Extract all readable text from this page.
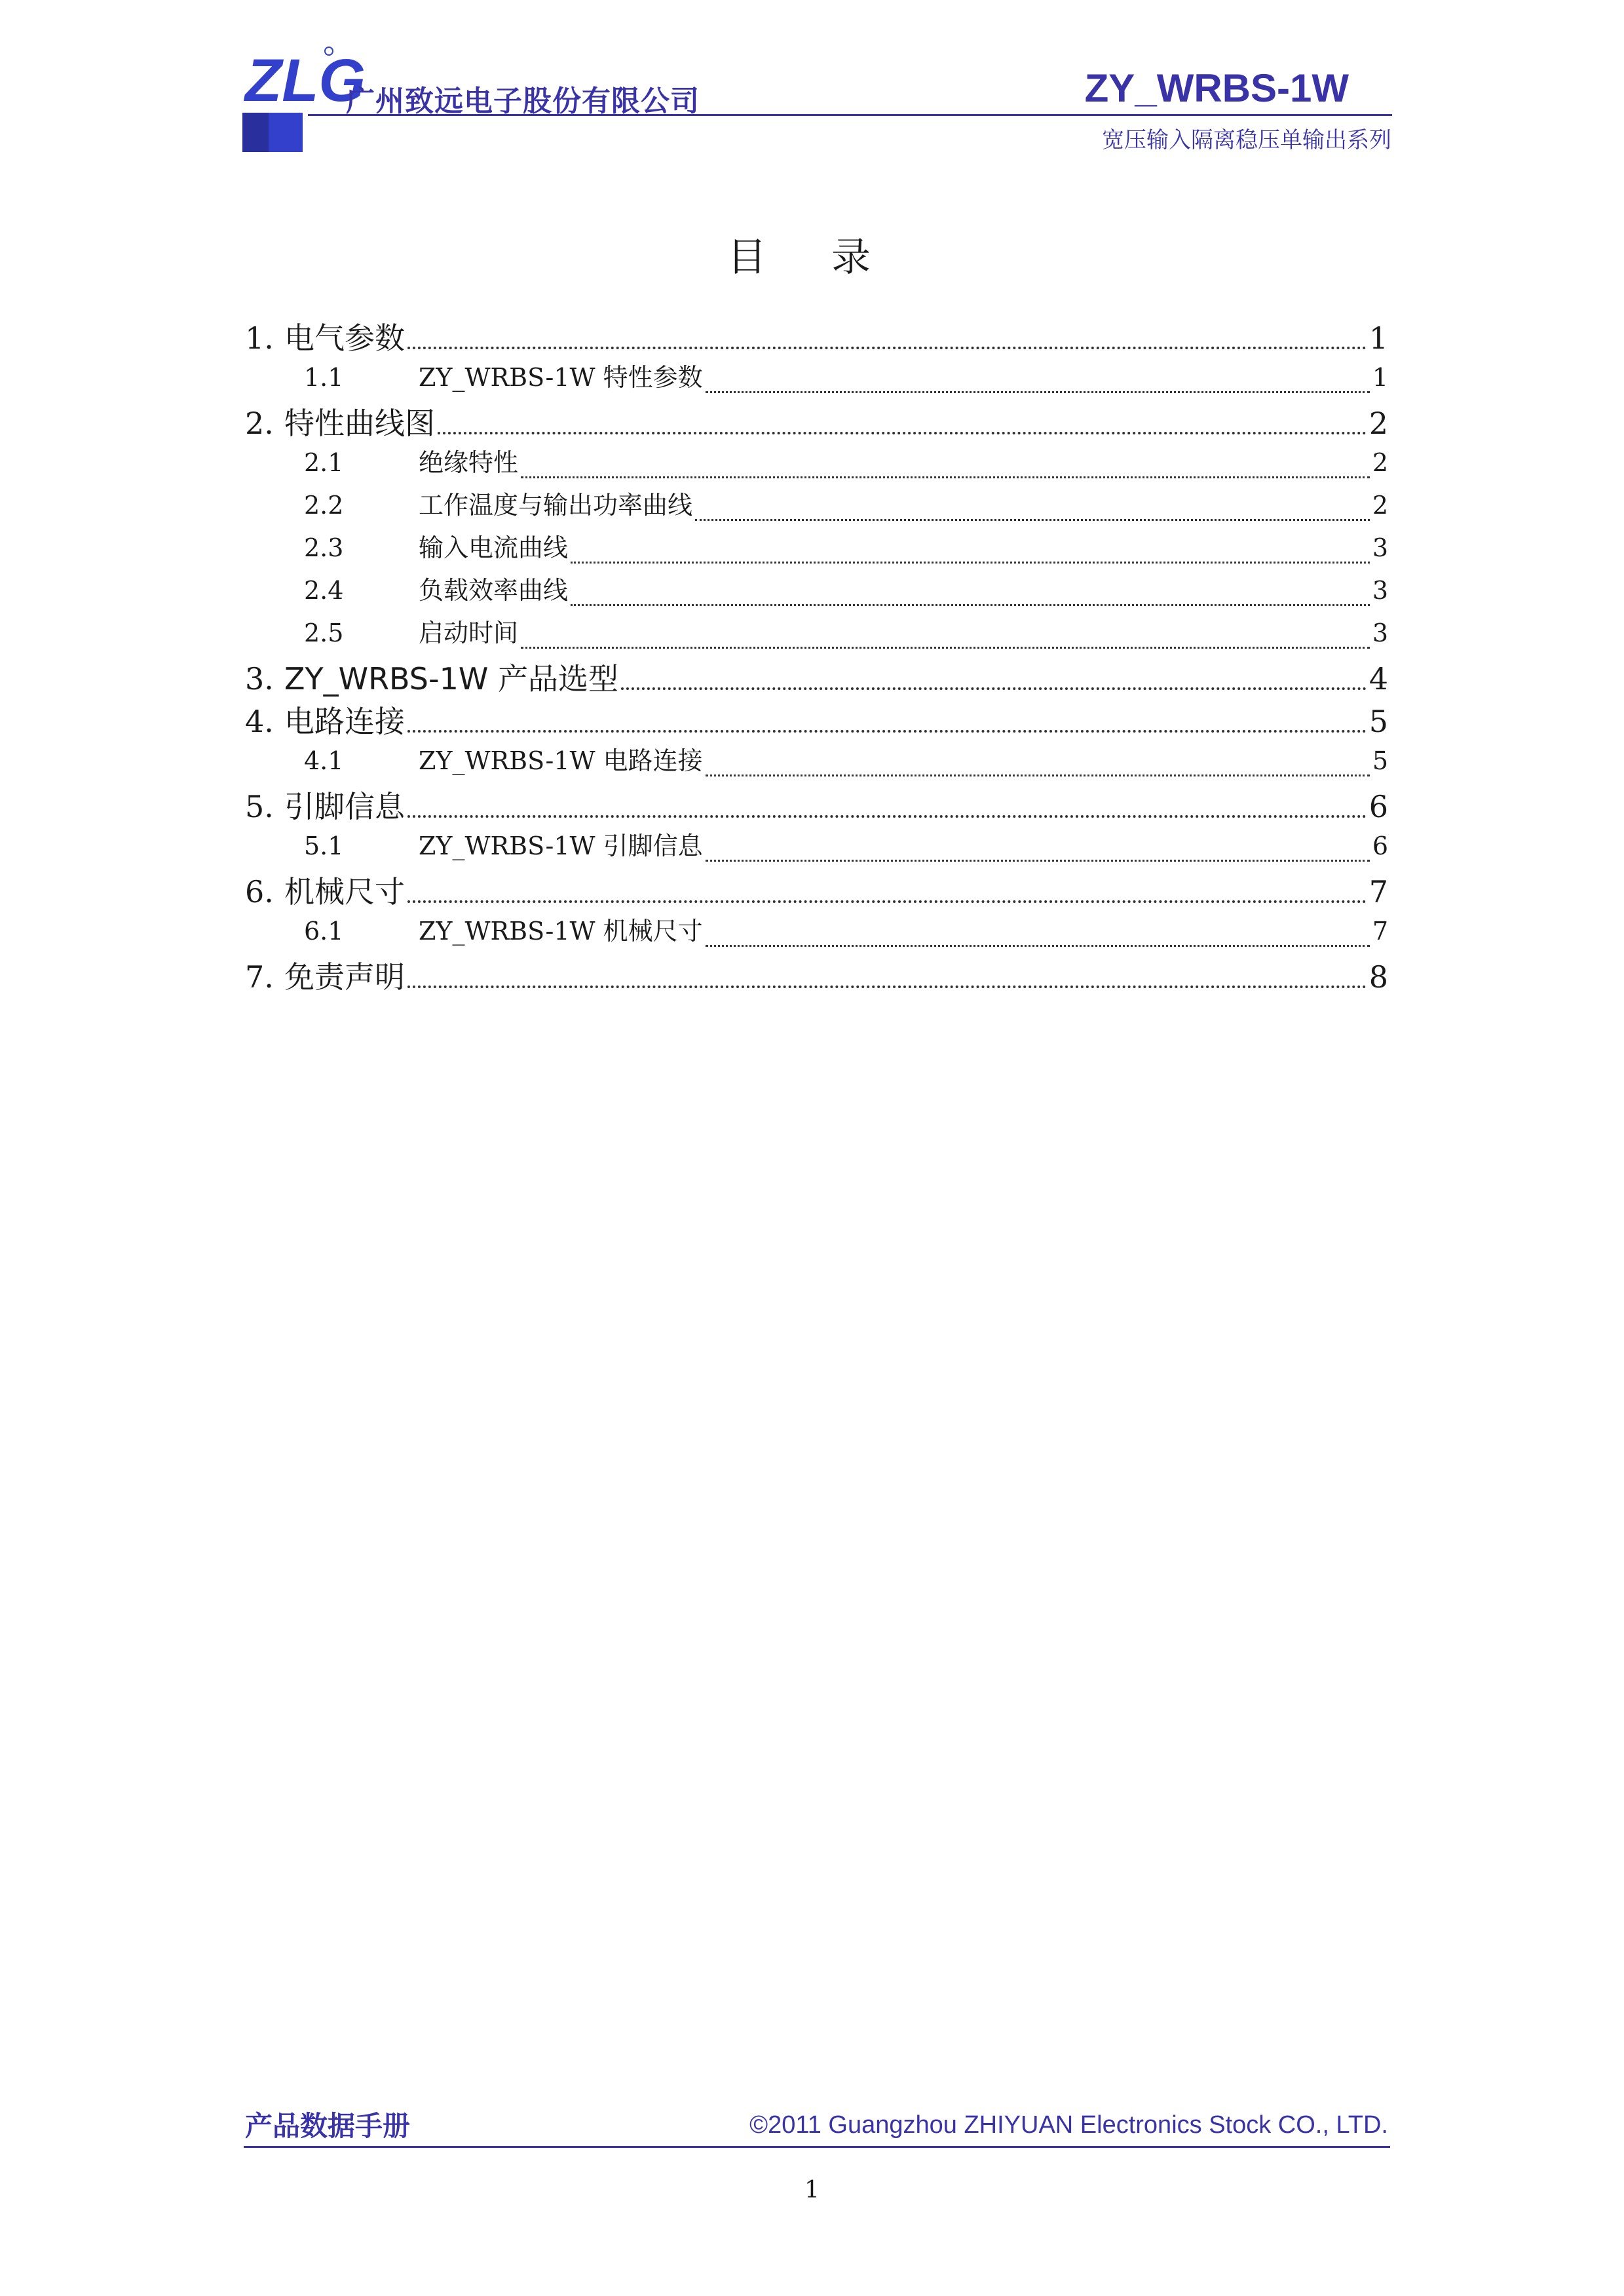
ZLG
广州致远电子股份有限公司	ZY_WRBS-1W
宽压输入隔离稳压单输出系列
目 录
1. 电气参数	1
1.1	ZY_WRBS-1W 特性参数	1
2. 特性曲线图	2
2.1	绝缘特性	2
2.2	工作温度与输出功率曲线	2
2.3	输入电流曲线	3
2.4	负载效率曲线	3
2.5	启动时间	3
3. ZY_WRBS-1W 产品选型	4
4. 电路连接	5
4.1	ZY_WRBS-1W 电路连接	5
5. 引脚信息	6
5.1	ZY_WRBS-1W 引脚信息	6
6. 机械尺寸	7
6.1	ZY_WRBS-1W 机械尺寸	7
7. 免责声明	8
产品数据手册	©2011 Guangzhou ZHIYUAN Electronics Stock CO., LTD.
1
